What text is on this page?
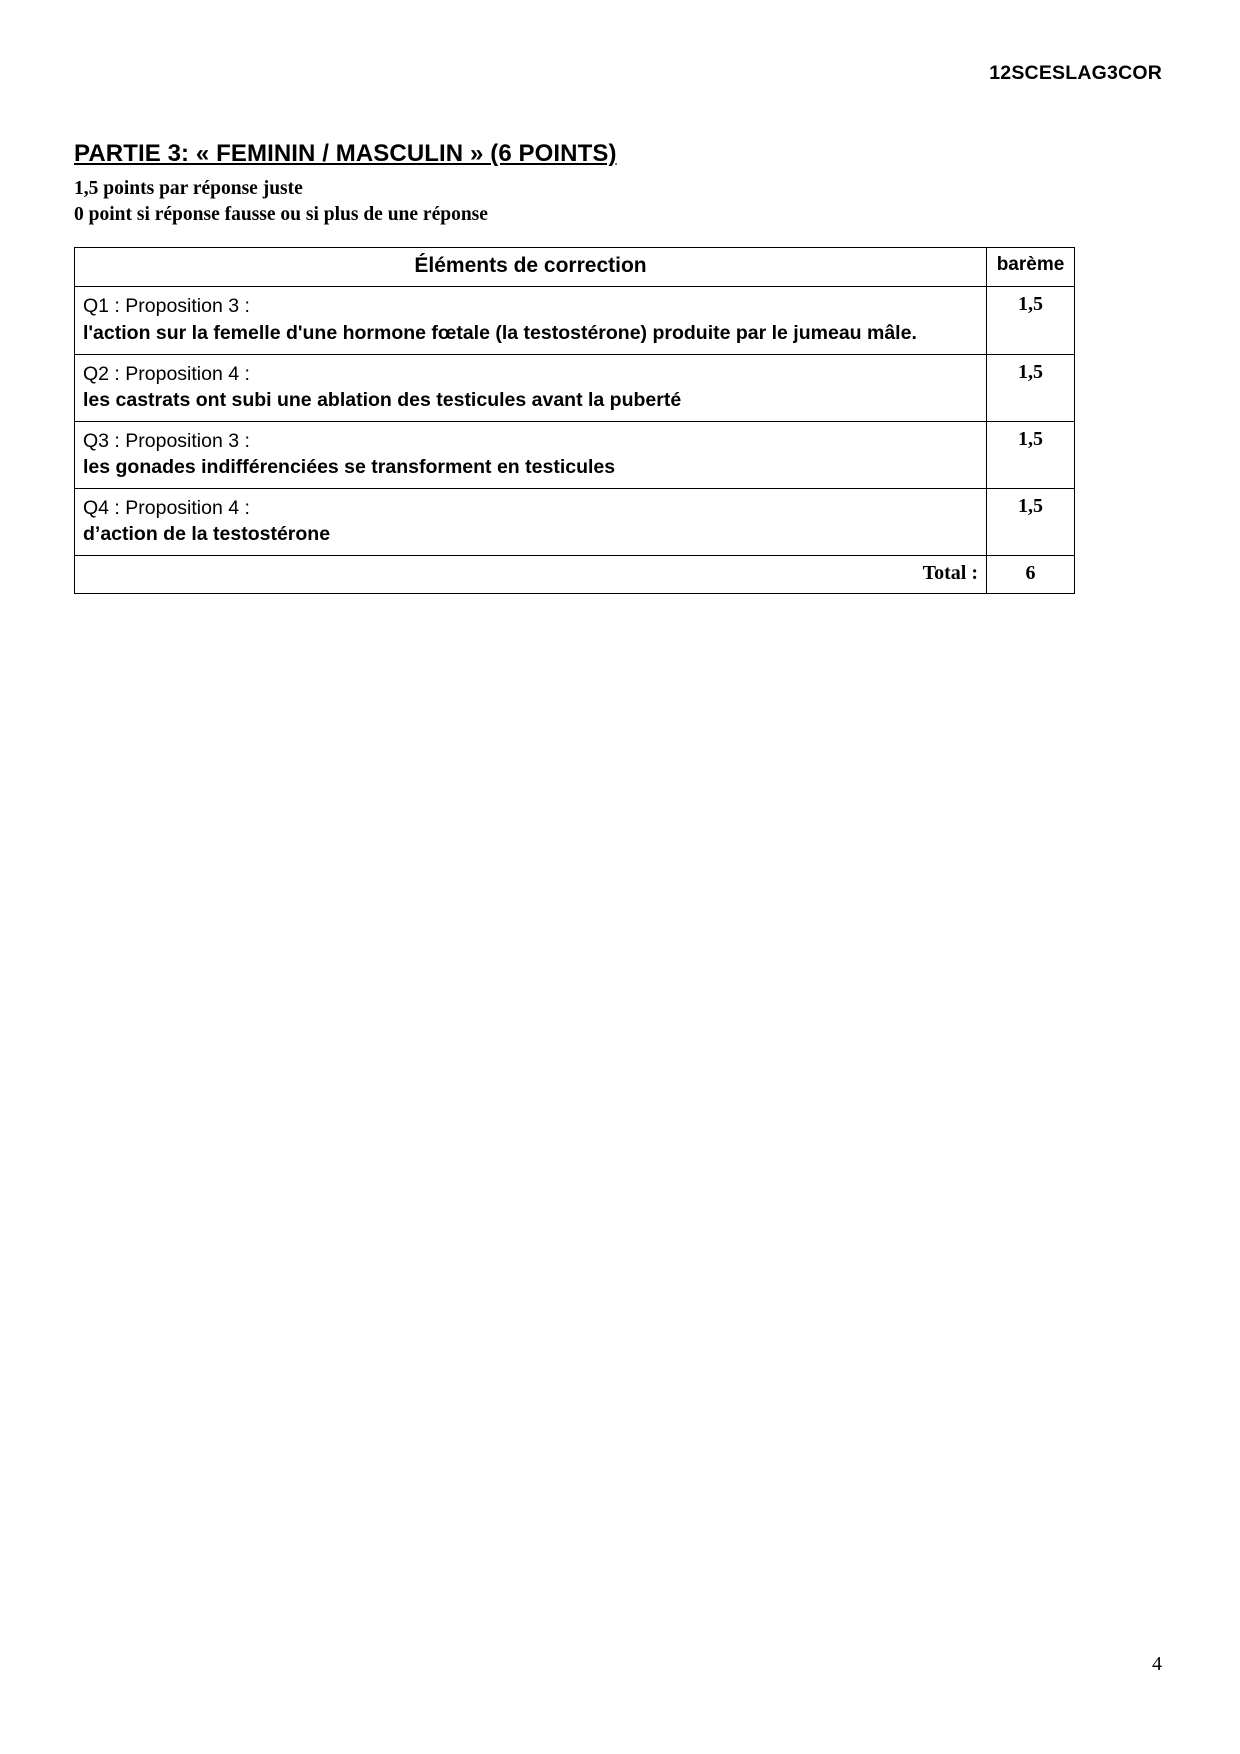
12SCESLAG3COR
PARTIE 3: « FEMININ / MASCULIN » (6 POINTS)

1,5 points par réponse juste

0 point si réponse fausse ou si plus de une réponse

Éléments de correction	barème

Q1 : Proposition 3 :
l'action sur la femelle d'une hormone fœtale (la testostérone) produite par le jumeau mâle.	1,5

Q2 : Proposition 4 :
les castrats ont subi une ablation des testicules avant la puberté	1,5

Q3 : Proposition 3 :
les gonades indifférenciées se transforment en testicules	1,5

Q4 : Proposition 4 :
d’action de la testostérone	1,5
Total :	6
4
